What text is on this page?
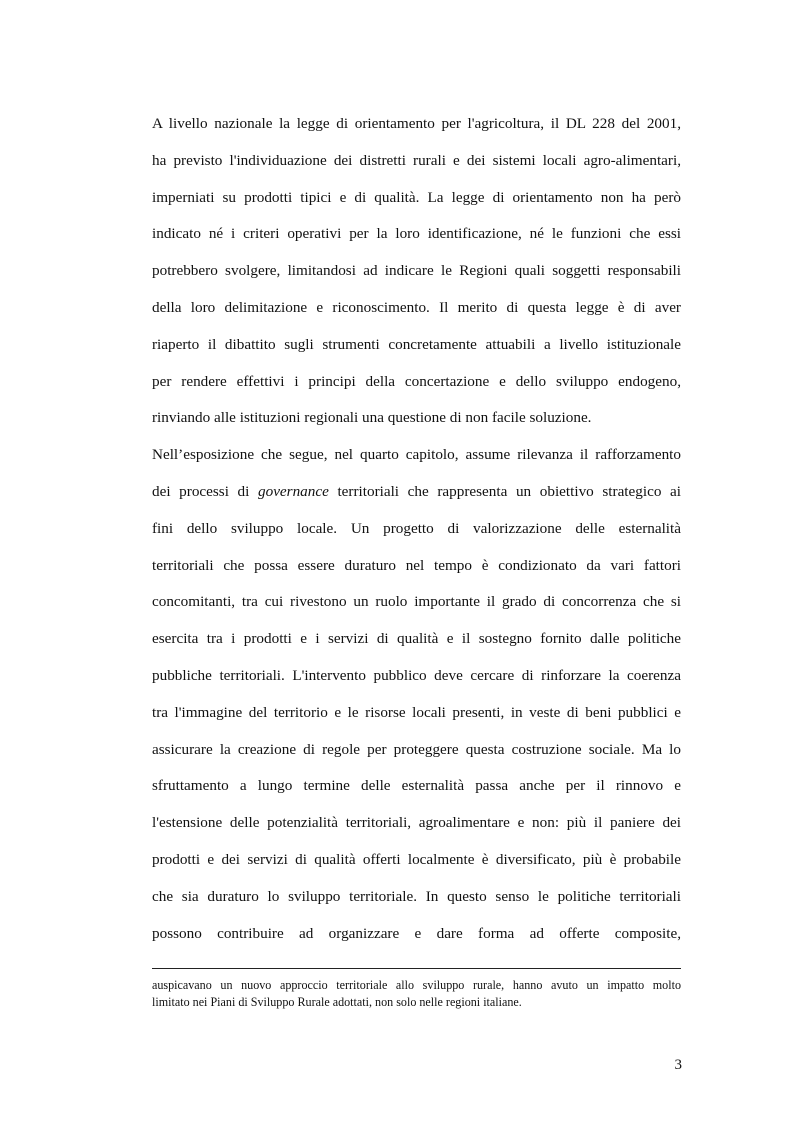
A livello nazionale la legge di orientamento per l'agricoltura, il DL 228 del 2001,
ha previsto l'individuazione dei distretti rurali e dei sistemi locali agro-alimentari,
imperniati su prodotti tipici e di qualità. La legge di orientamento non ha però
indicato né i criteri operativi per la loro identificazione, né le funzioni che essi
potrebbero svolgere, limitandosi ad indicare le Regioni quali soggetti responsabili
della loro delimitazione e riconoscimento. Il merito di questa legge è di aver
riaperto il dibattito sugli strumenti concretamente attuabili a livello istituzionale
per rendere effettivi i principi della concertazione e dello sviluppo endogeno,
rinviando alle istituzioni regionali una questione di non facile soluzione.
Nell’esposizione che segue, nel quarto capitolo, assume rilevanza il rafforzamento
dei processi di governance territoriali che rappresenta un obiettivo strategico ai
fini dello sviluppo locale. Un progetto di valorizzazione delle esternalità
territoriali che possa essere duraturo nel tempo è condizionato da vari fattori
concomitanti, tra cui rivestono un ruolo importante il grado di concorrenza che si
esercita tra i prodotti e i servizi di qualità e il sostegno fornito dalle politiche
pubbliche territoriali. L'intervento pubblico deve cercare di rinforzare la coerenza
tra l'immagine del territorio e le risorse locali presenti, in veste di beni pubblici e
assicurare la creazione di regole per proteggere questa costruzione sociale. Ma lo
sfruttamento a lungo termine delle esternalità passa anche per il rinnovo e
l'estensione delle potenzialità territoriali, agroalimentare e non: più il paniere dei
prodotti e dei servizi di qualità offerti localmente è diversificato, più è probabile
che sia duraturo lo sviluppo territoriale. In questo senso le politiche territoriali
possono contribuire ad organizzare e dare forma ad offerte composite,
auspicavano un nuovo approccio territoriale allo sviluppo rurale, hanno avuto un impatto molto
limitato nei Piani di Sviluppo Rurale adottati, non solo nelle regioni italiane.
3
